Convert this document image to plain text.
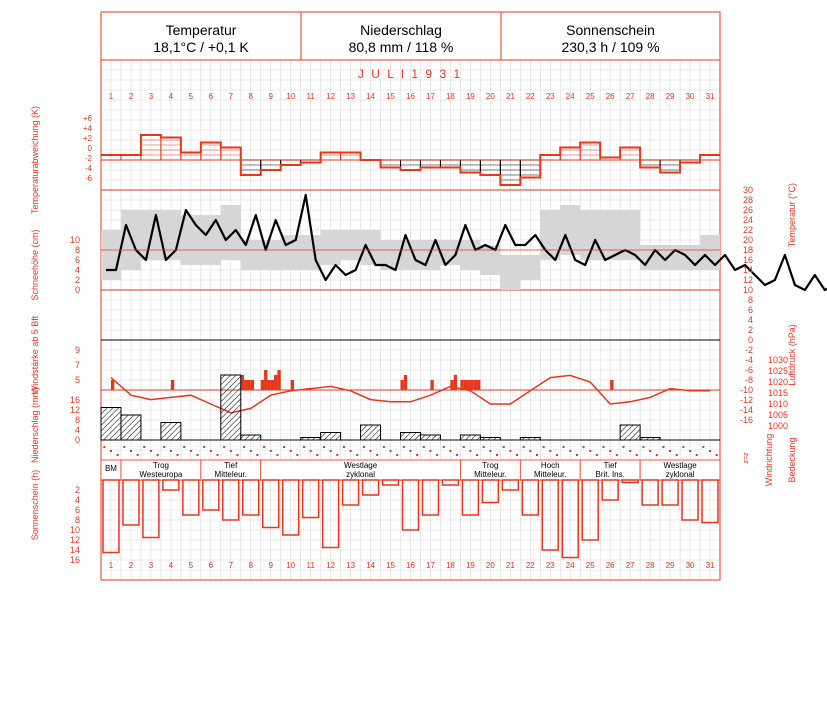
J U L I 1 9 3 1
1
1
2
2
3
3
4
4
5
5
6
6
7
7
8
8
9
9
10
10
11
11
12
12
13
13
14
14
15
15
16
16
17
17
18
18
19
19
20
20
21
21
22
22
23
23
24
24
25
25
26
26
27
27
28
28
29
29
30
30
31
31
+6
+4
+2
0
-2
-4
-6
30
28
26
24
22
20
18
16
14
12
10
8
6
4
2
0
-2
-4
-6
-8
-10
-12
-14
-16
10
8
6
4
2
0
9
7
5
1030
1025
1020
1015
1010
1005
1000
16
12
8
4
0
BM	Trog
Westeuropa
Tief
Mitteleur.
Westlage
zyklonal
Trog
Mitteleur.
Hoch
Mitteleur.
Tief
Brit. Ins.
Westlage
zyklonal
2
4
6
8
10
12
14
16
Temperaturabweichung (K)
Schneehöhe (cm)
Windstärke ab 5 Bft
Niederschlag (mm)
Sonnenschein (h)
Temperatur (°C)
Luftdruck (hPa)
Windrichtung Bedeckung
z=z
Temperatur
18,1°C / +0,1 K
Niederschlag
80,8 mm / 118 %
Sonnenschein
230,3 h / 109 %
